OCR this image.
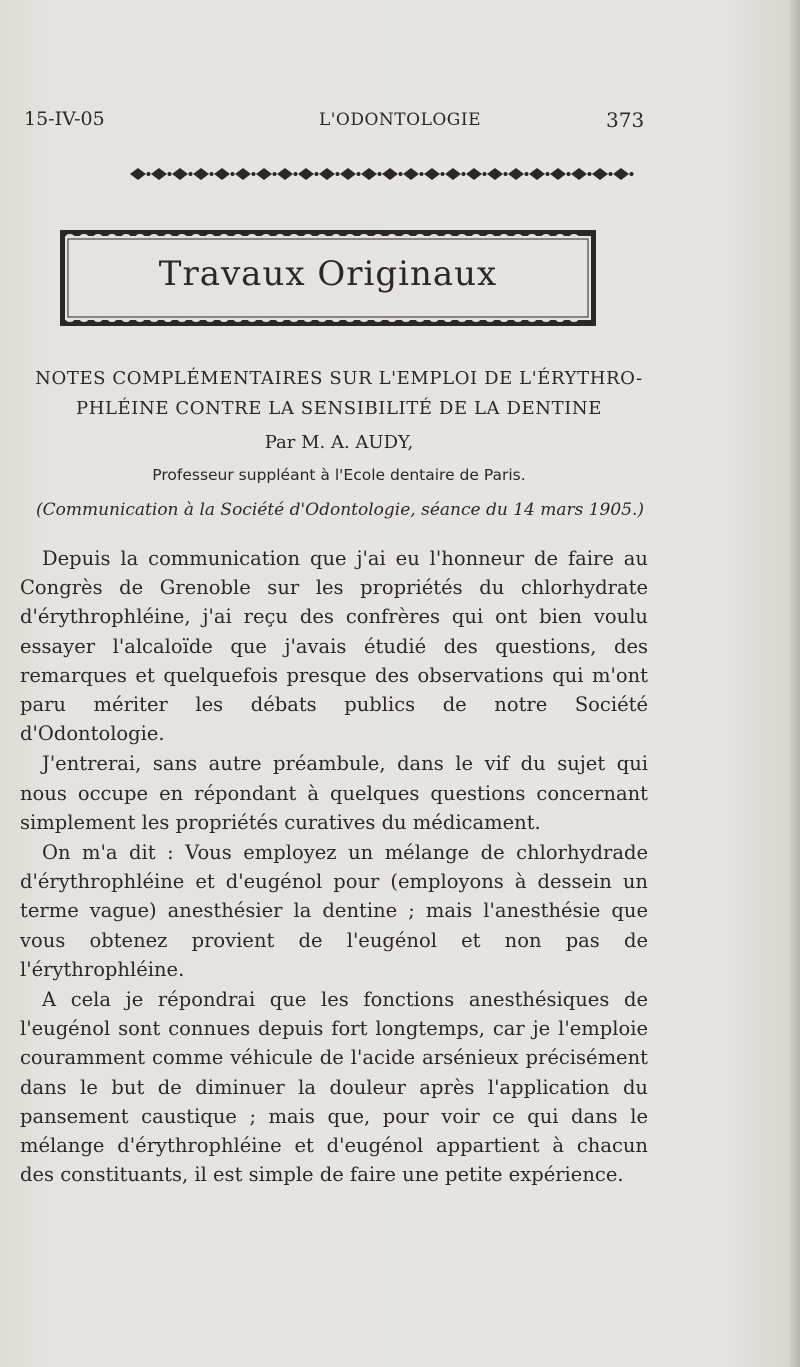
15-IV-05	L'ODONTOLOGIE	373
Travaux Originaux
NOTES COMPLÉMENTAIRES SUR L'EMPLOI DE L'ÉRYTHRO-
PHLÉINE CONTRE LA SENSIBILITÉ DE LA DENTINE
Par M. A. AUDY,
Professeur suppléant à l'Ecole dentaire de Paris.
(Communication à la Société d'Odontologie, séance du 14 mars 1905.)

Depuis la communication que j'ai eu l'honneur de faire au Congrès de Grenoble sur les propriétés du chlorhydrate d'érythrophléine, j'ai reçu des confrères qui ont bien voulu essayer l'alcaloïde que j'avais étudié des questions, des remarques et quelquefois presque des observations qui m'ont paru mériter les débats publics de notre Société d'Odontologie.

J'entrerai, sans autre préambule, dans le vif du sujet qui nous occupe en répondant à quelques questions concernant simplement les propriétés curatives du médicament.

On m'a dit : Vous employez un mélange de chlorhydrade d'érythrophléine et d'eugénol pour (employons à dessein un terme vague) anesthésier la dentine ; mais l'anesthésie que vous obtenez provient de l'eugénol et non pas de l'érythrophléine.

A cela je répondrai que les fonctions anesthésiques de l'eugénol sont connues depuis fort longtemps, car je l'emploie couramment comme véhicule de l'acide arsénieux précisément dans le but de diminuer la douleur après l'application du pansement caustique ; mais que, pour voir ce qui dans le mélange d'érythrophléine et d'eugénol appartient à chacun des constituants, il est simple de faire une petite expérience.
